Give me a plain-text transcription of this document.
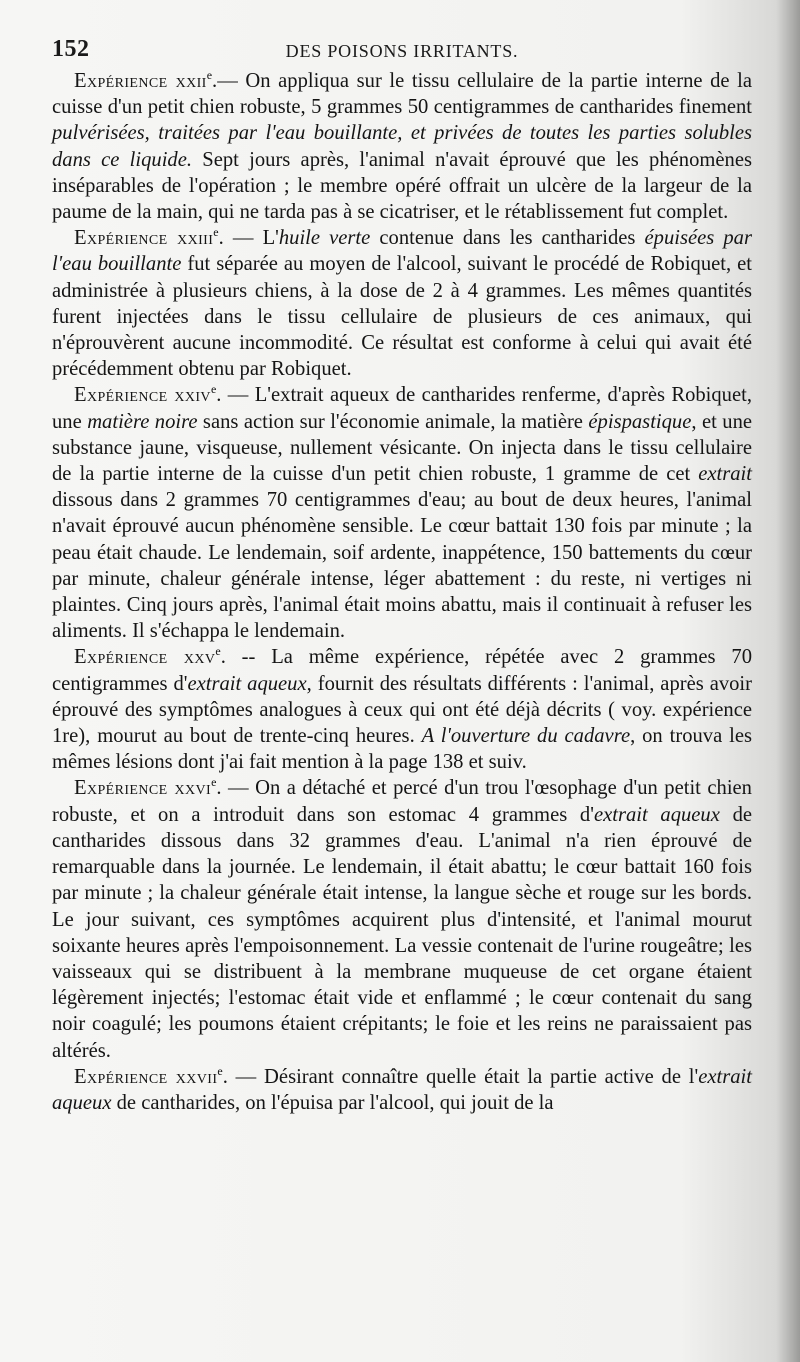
152	DES POISONS IRRITANTS.

Expérience xxii$^e$.— On appliqua sur le tissu cellulaire de la partie interne de la cuisse d'un petit chien robuste, 5 grammes 50 centigrammes de cantharides finement pulvérisées, traitées par l'eau bouillante, et privées de toutes les parties solubles dans ce liquide. Sept jours après, l'animal n'avait éprouvé que les phénomènes inséparables de l'opération ; le membre opéré offrait un ulcère de la largeur de la paume de la main, qui ne tarda pas à se cicatriser, et le rétablissement fut complet.

Expérience xxiii$^e$. — L'huile verte contenue dans les cantharides épuisées par l'eau bouillante fut séparée au moyen de l'alcool, suivant le procédé de Robiquet, et administrée à plusieurs chiens, à la dose de 2 à 4 grammes. Les mêmes quantités furent injectées dans le tissu cellulaire de plusieurs de ces animaux, qui n'éprouvèrent aucune incommodité. Ce résultat est conforme à celui qui avait été précédemment obtenu par Robiquet.

Expérience xxiv$^e$. — L'extrait aqueux de cantharides renferme, d'après Robiquet, une matière noire sans action sur l'économie animale, la matière épispastique, et une substance jaune, visqueuse, nullement vésicante. On injecta dans le tissu cellulaire de la partie interne de la cuisse d'un petit chien robuste, 1 gramme de cet extrait dissous dans 2 grammes 70 centigrammes d'eau; au bout de deux heures, l'animal n'avait éprouvé aucun phénomène sensible. Le cœur battait 130 fois par minute ; la peau était chaude. Le lendemain, soif ardente, inappétence, 150 battements du cœur par minute, chaleur générale intense, léger abattement : du reste, ni vertiges ni plaintes. Cinq jours après, l'animal était moins abattu, mais il continuait à refuser les aliments. Il s'échappa le lendemain.

Expérience xxv$^e$. -- La même expérience, répétée avec 2 grammes 70 centigrammes d'extrait aqueux, fournit des résultats différents : l'animal, après avoir éprouvé des symptômes analogues à ceux qui ont été déjà décrits ( voy. expérience 1re), mourut au bout de trente-cinq heures. A l'ouverture du cadavre, on trouva les mêmes lésions dont j'ai fait mention à la page 138 et suiv.

Expérience xxvi$^e$. — On a détaché et percé d'un trou l'œsophage d'un petit chien robuste, et on a introduit dans son estomac 4 grammes d'extrait aqueux de cantharides dissous dans 32 grammes d'eau. L'animal n'a rien éprouvé de remarquable dans la journée. Le lendemain, il était abattu; le cœur battait 160 fois par minute ; la chaleur générale était intense, la langue sèche et rouge sur les bords. Le jour suivant, ces symptômes acquirent plus d'intensité, et l'animal mourut soixante heures après l'empoisonnement. La vessie contenait de l'urine rougeâtre; les vaisseaux qui se distribuent à la membrane muqueuse de cet organe étaient légèrement injectés; l'estomac était vide et enflammé ; le cœur contenait du sang noir coagulé; les poumons étaient crépitants; le foie et les reins ne paraissaient pas altérés.

Expérience xxvii$^e$. — Désirant connaître quelle était la partie active de l'extrait aqueux de cantharides, on l'épuisa par l'alcool, qui jouit de la
